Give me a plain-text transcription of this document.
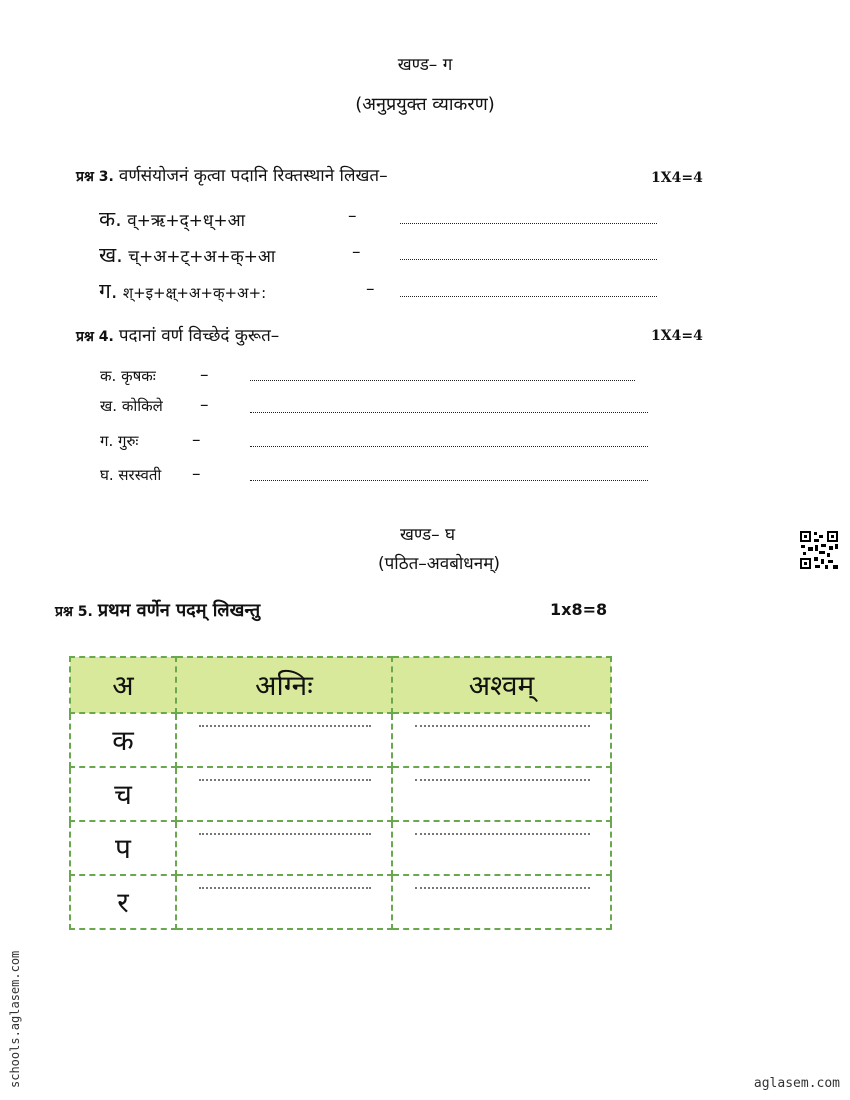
खण्ड– ग
(अनुप्रयुक्त व्याकरण)
प्रश्न 3. वर्णसंयोजनं कृत्वा पदानि रिक्तस्थाने लिखत–	1X4=4
क. व्+ऋ+द्+ध्+आ	–
ख. च्+अ+ट्+अ+क्+आ	–
ग. श्+इ+क्ष्+अ+क्+अ+:	–
प्रश्न 4. पदानां वर्ण विच्छेदं कुरूत–	1X4=4
क. कृषकः	–
ख. कोकिले –
ग. गुरुः	–
घ. सरस्वती –
खण्ड– घ
(पठित–अवबोधनम्)
प्रश्न 5. प्रथम वर्णेन पदम् लिखन्तु	1x8=8
अ	अग्निः	अश्वम्
क	

च	

प	

र	

schools.aglasem.com	aglasem.com
